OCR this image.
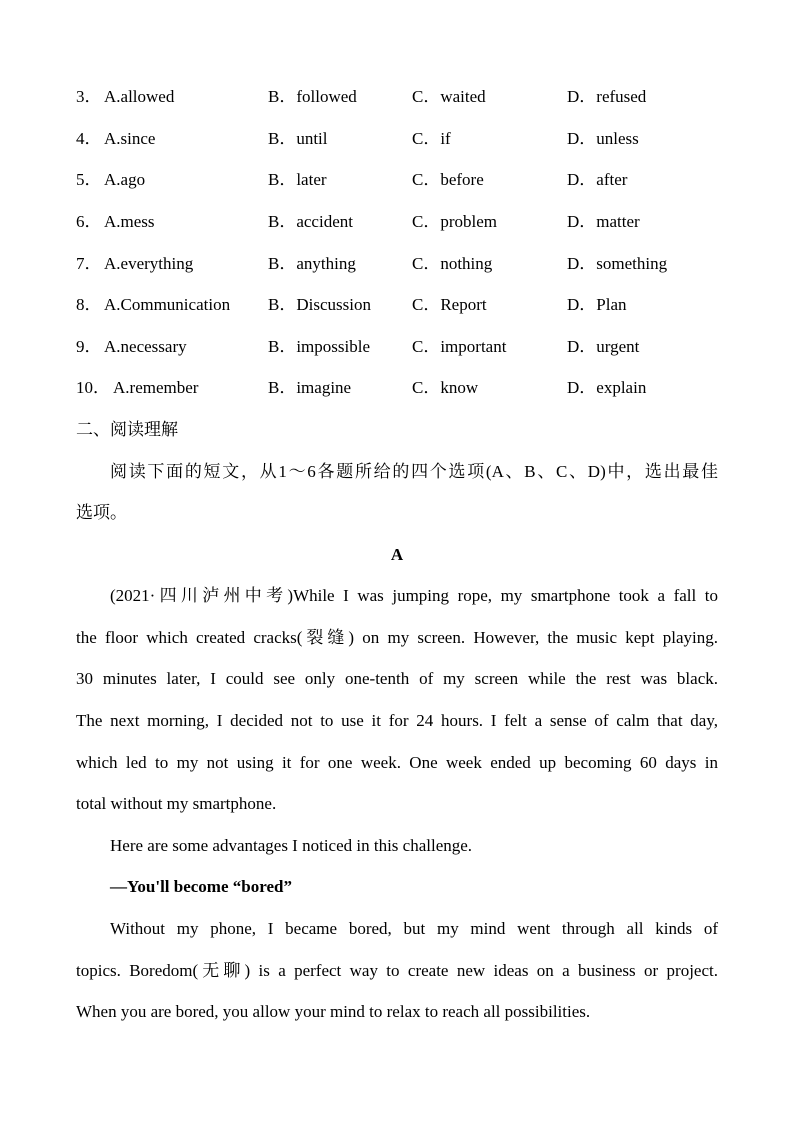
3． A.allowed	B．followed	C．waited	D．refused
4． A.since	B．until	C．if	D．unless
5． A.ago	B．later	C．before	D．after
6． A.mess	B．accident	C．problem	D．matter
7． A.everything	B．anything	C．nothing	D．something
8． A.Communication B．Discussion C．Report	D．Plan
9． A.necessary	B．impossible C．important	D．urgent
10． A.remember	B．imagine	C．know	D．explain
二、阅读理解
阅读下面的短文，从1～6各题所给的四个选项(A、B、C、D)中，选出最佳
选项。
A
(2021·四川泸州中考)While I was jumping rope, my smartphone took a fall to
the floor which created cracks(裂缝) on my screen. However, the music kept playing.
30 minutes later, I could see only one-tenth of my screen while the rest was black.
The next morning, I decided not to use it for 24 hours. I felt a sense of calm that day,
which led to my not using it for one week. One week ended up becoming 60 days in
total without my smartphone.
Here are some advantages I noticed in this challenge.
—You'll become “bored”
Without my phone, I became bored, but my mind went through all kinds of
topics. Boredom(无聊) is a perfect way to create new ideas on a business or project.
When you are bored, you allow your mind to relax to reach all possibilities.
